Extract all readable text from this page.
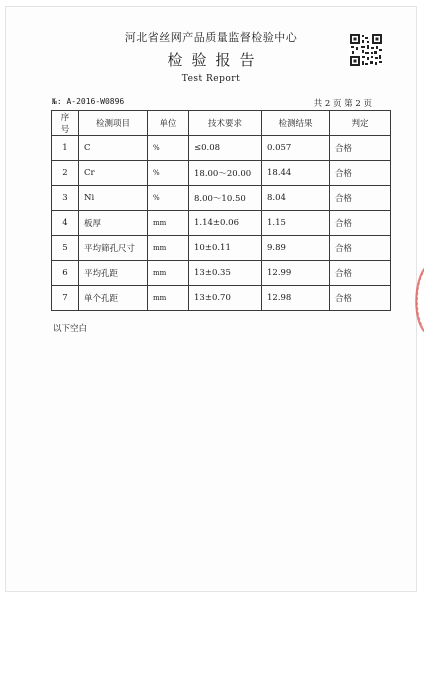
河北省丝网产品质量监督检验中心
检验报告
Test Report
№: A-2016-W0896	共 2 页 第 2 页
序号	检测项目	单位	技术要求	检测结果	判定
1	C	%	≤0.08	0.057	合格
2	Cr	%	18.00～20.00	18.44	合格
3	Ni	%	8.00～10.50	8.04	合格
4	板厚	mm	1.14±0.06	1.15	合格
5	平均筛孔尺寸	mm	10±0.11	9.89	合格
6	平均孔距	mm	13±0.35	12.99	合格
7	单个孔距	mm	13±0.70	12.98	合格
以下空白
